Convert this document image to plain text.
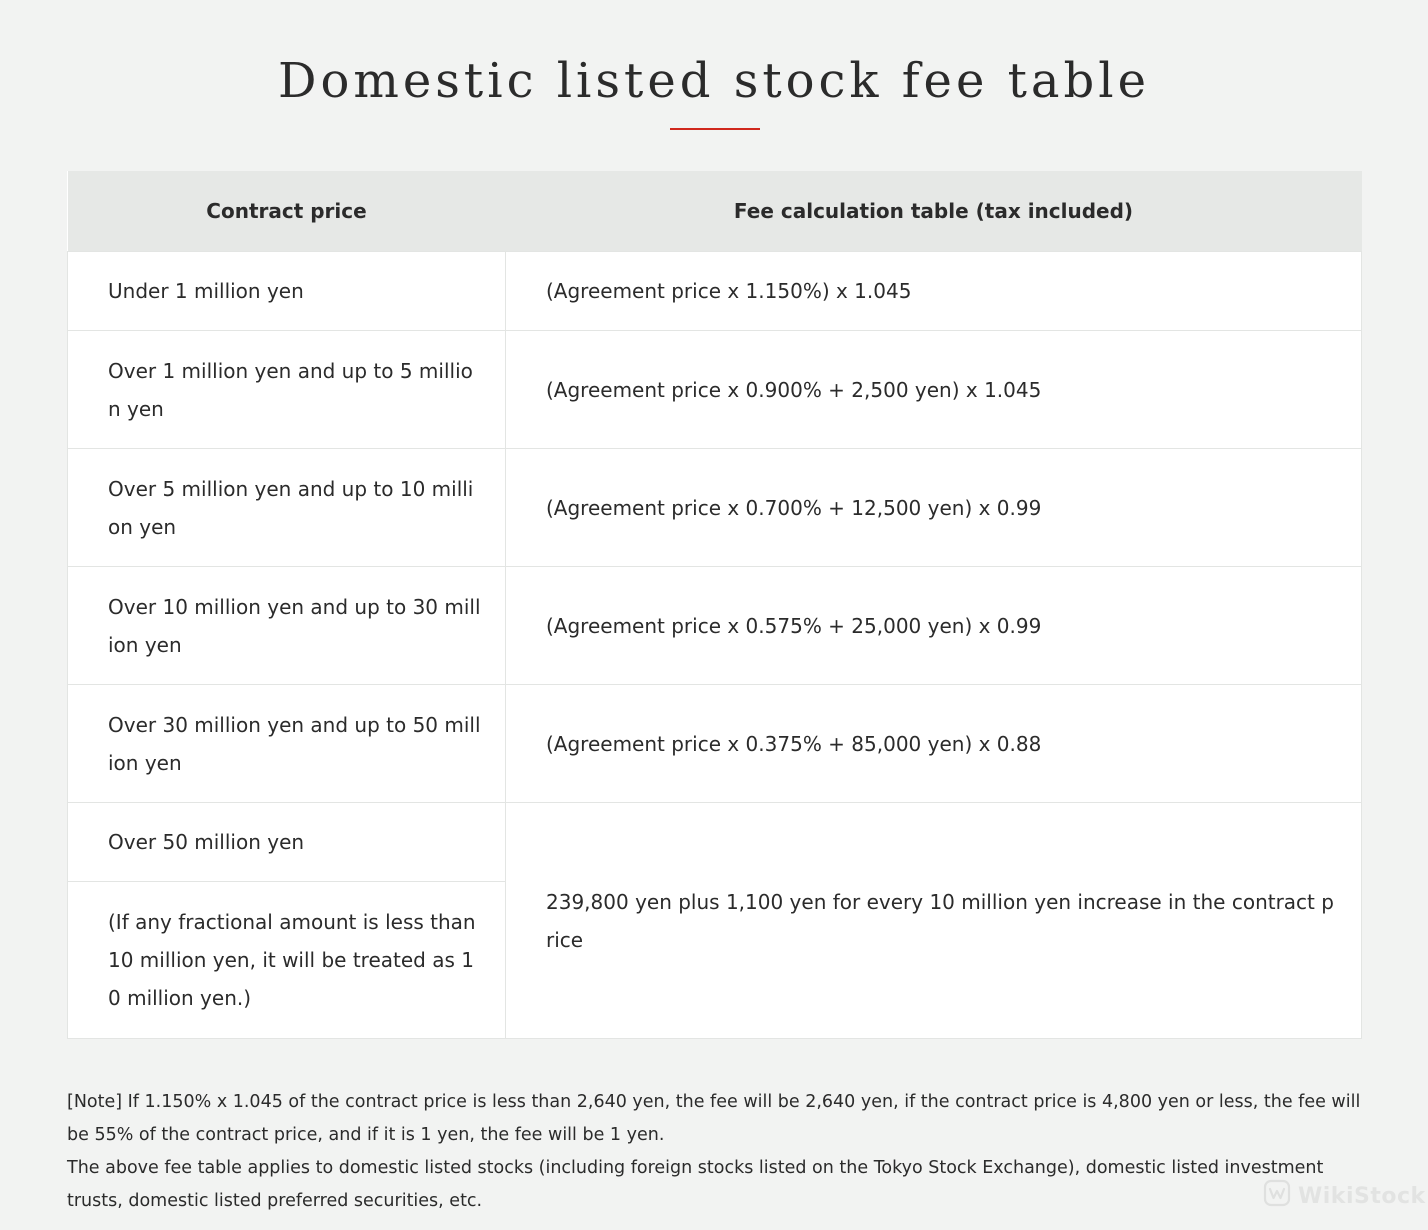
Domestic listed stock fee table
Contract price	Fee calculation table (tax included)
Under 1 million yen	(Agreement price x 1.150%) x 1.045
Over 1 million yen and up to 5 million yen	(Agreement price x 0.900% + 2,500 yen) x 1.045
Over 5 million yen and up to 10 million yen	(Agreement price x 0.700% + 12,500 yen) x 0.99
Over 10 million yen and up to 30 million yen	(Agreement price x 0.575% + 25,000 yen) x 0.99
Over 30 million yen and up to 50 million yen	(Agreement price x 0.375% + 85,000 yen) x 0.88
Over 50 million yen	239,800 yen plus 1,100 yen for every 10 million yen increase in the contract price
(If any fractional amount is less than 10 million yen, it will be treated as 10 million yen.)	

[Note] If 1.150% x 1.045 of the contract price is less than 2,640 yen, the fee will be 2,640 yen, if the contract price is 4,800 yen or less, the fee will be 55% of the contract price, and if it is 1 yen, the fee will be 1 yen.

The above fee table applies to domestic listed stocks (including foreign stocks listed on the Tokyo Stock Exchange), domestic listed investment trusts, domestic listed preferred securities, etc.	WikiStock
